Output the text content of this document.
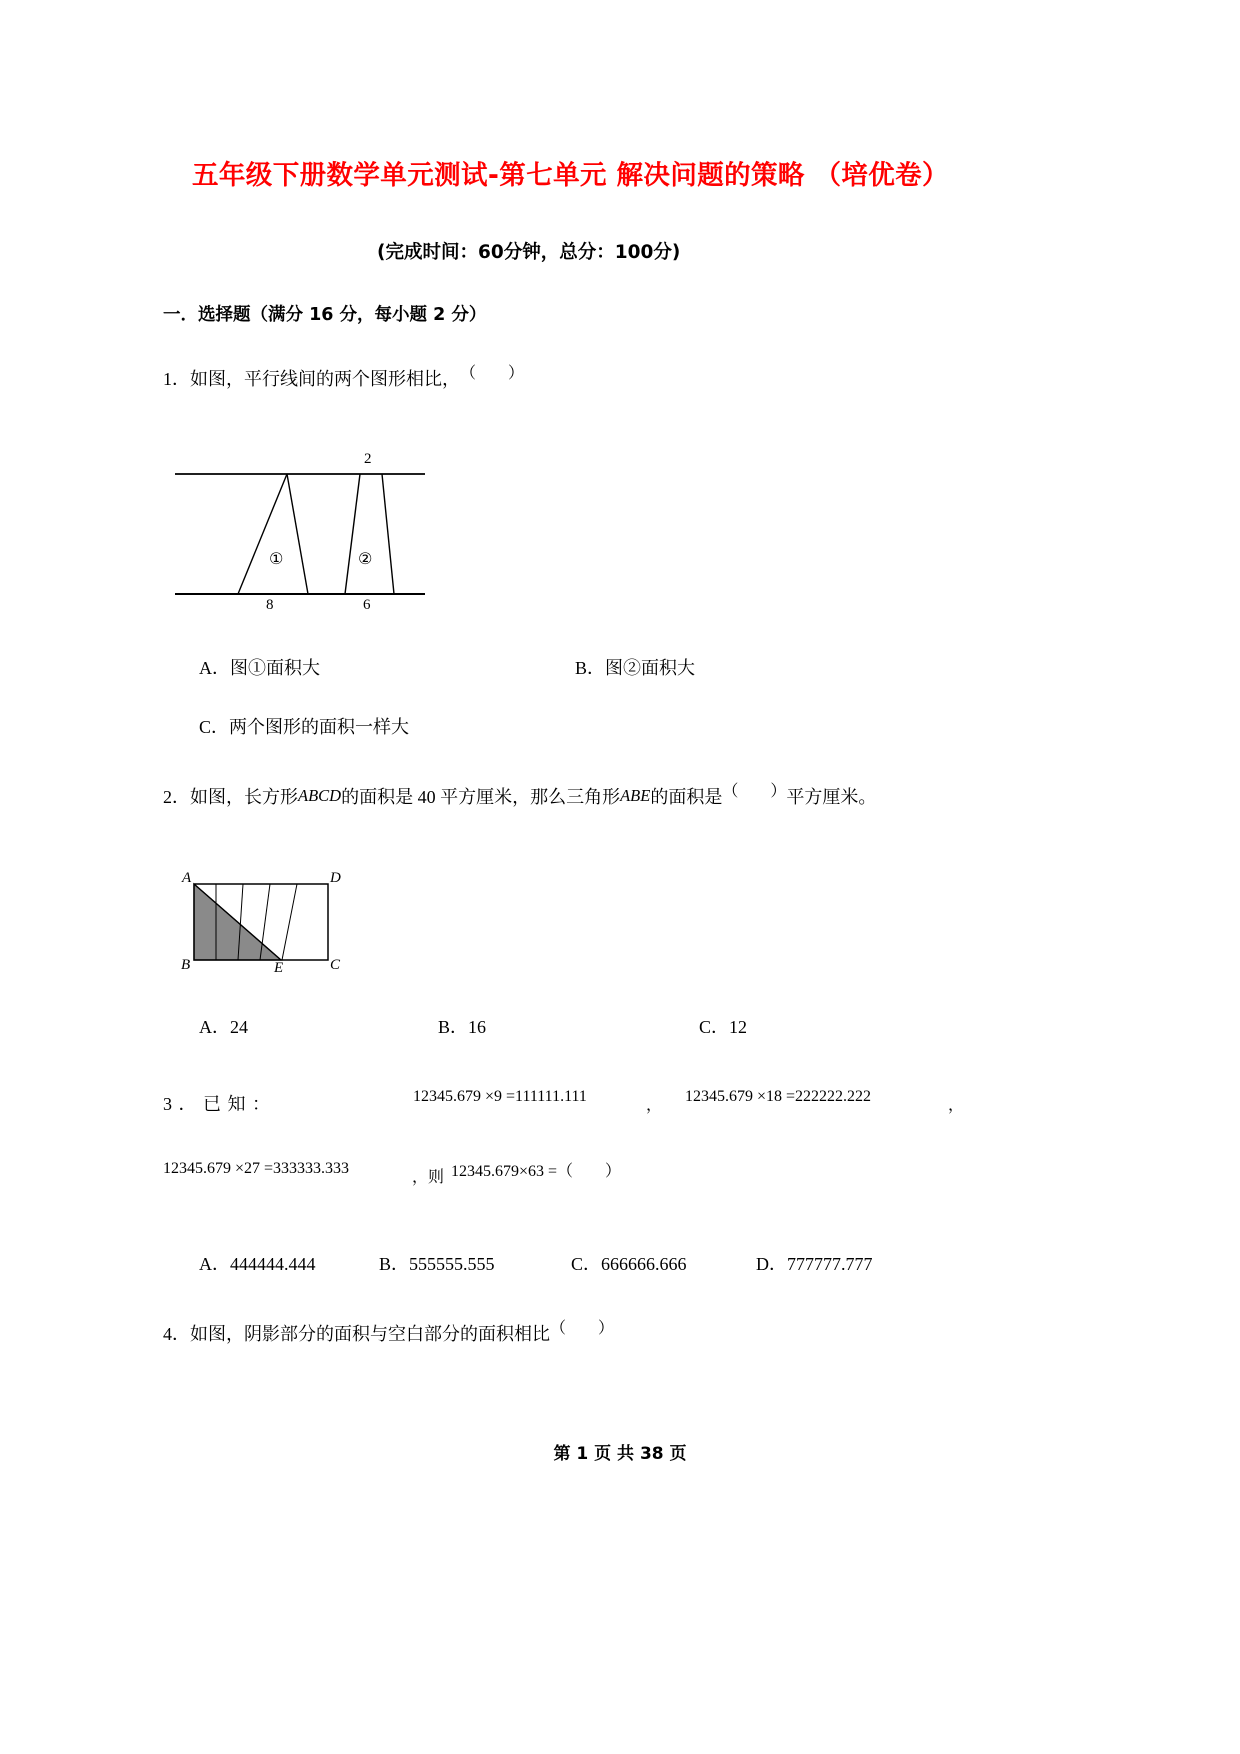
五年级下册数学单元测试-第七单元 解决问题的策略 （培优卷）
(完成时间：60分钟，总分：100分)
一．选择题（满分 16 分，每小题 2 分）
1．如图，平行线间的两个图形相比，（　　）
2
①	②
8	6
A．图①面积大	B．图②面积大
C．两个图形的面积一样大
2．如图，长方形ABCD的面积是 40 平方厘米，那么三角形ABE的面积是（　　）平方厘米。
A
B
D
C
E
A．24	B．16	C．12
3 ． 已 知 ：	12345.679 ×9 =111111.111
，
12345.679 ×18 =222222.222
，
12345.679 ×27 =333333.333
，则 12345.679×63 =（　　）
A．444444.444	B．555555.555	C．666666.666	D．777777.777
4．如图，阴影部分的面积与空白部分的面积相比（　　）
第 1 页 共 38 页
